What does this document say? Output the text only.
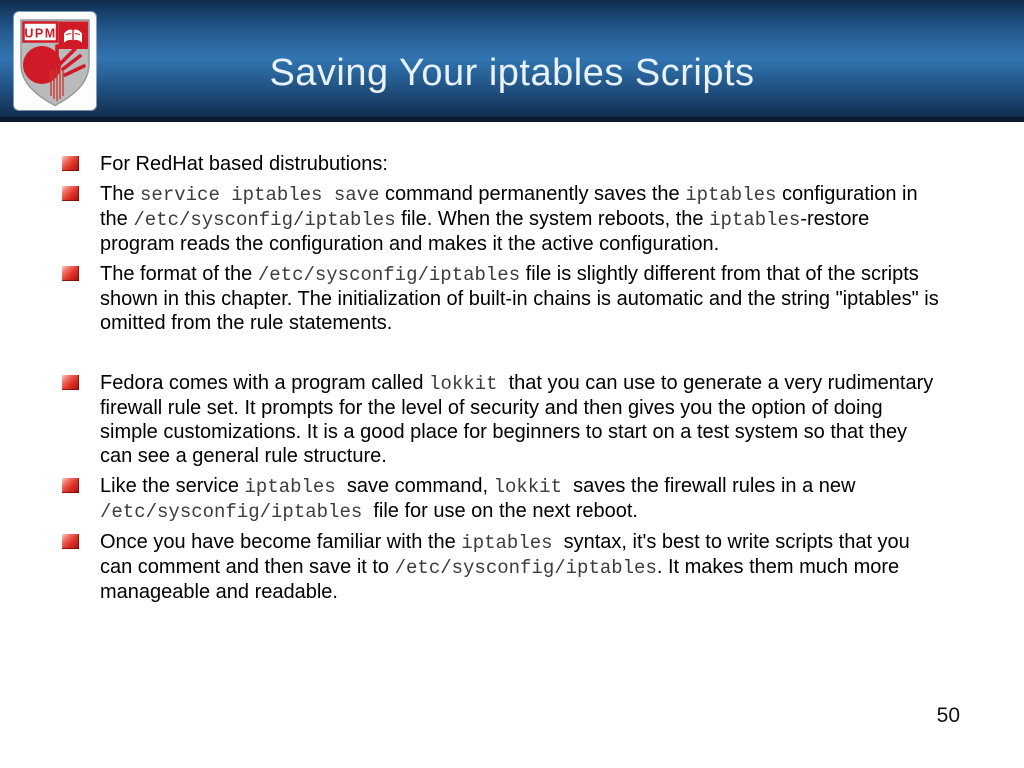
UPM
Saving Your iptables Scripts

For RedHat based distrubutions:

The service iptables save command permanently saves the iptables configuration in the /etc/sysconfig/iptables file. When the system reboots, the iptables-restore program reads the configuration and makes it the active configuration.

The format of the /etc/sysconfig/iptables file is slightly different from that of the scripts shown in this chapter. The initialization of built-in chains is automatic and the string "iptables" is omitted from the rule statements.

Fedora comes with a program called lokkit  that you can use to generate a very rudimentary firewall rule set. It prompts for the level of security and then gives you the option of doing simple customizations. It is a good place for beginners to start on a test system so that they can see a general rule structure.

Like the service iptables  save command, lokkit  saves the firewall rules in a new /etc/sysconfig/iptables  file for use on the next reboot.

Once you have become familiar with the iptables  syntax, it's best to write scripts that you can comment and then save it to /etc/sysconfig/iptables. It makes them much more manageable and readable.

50
